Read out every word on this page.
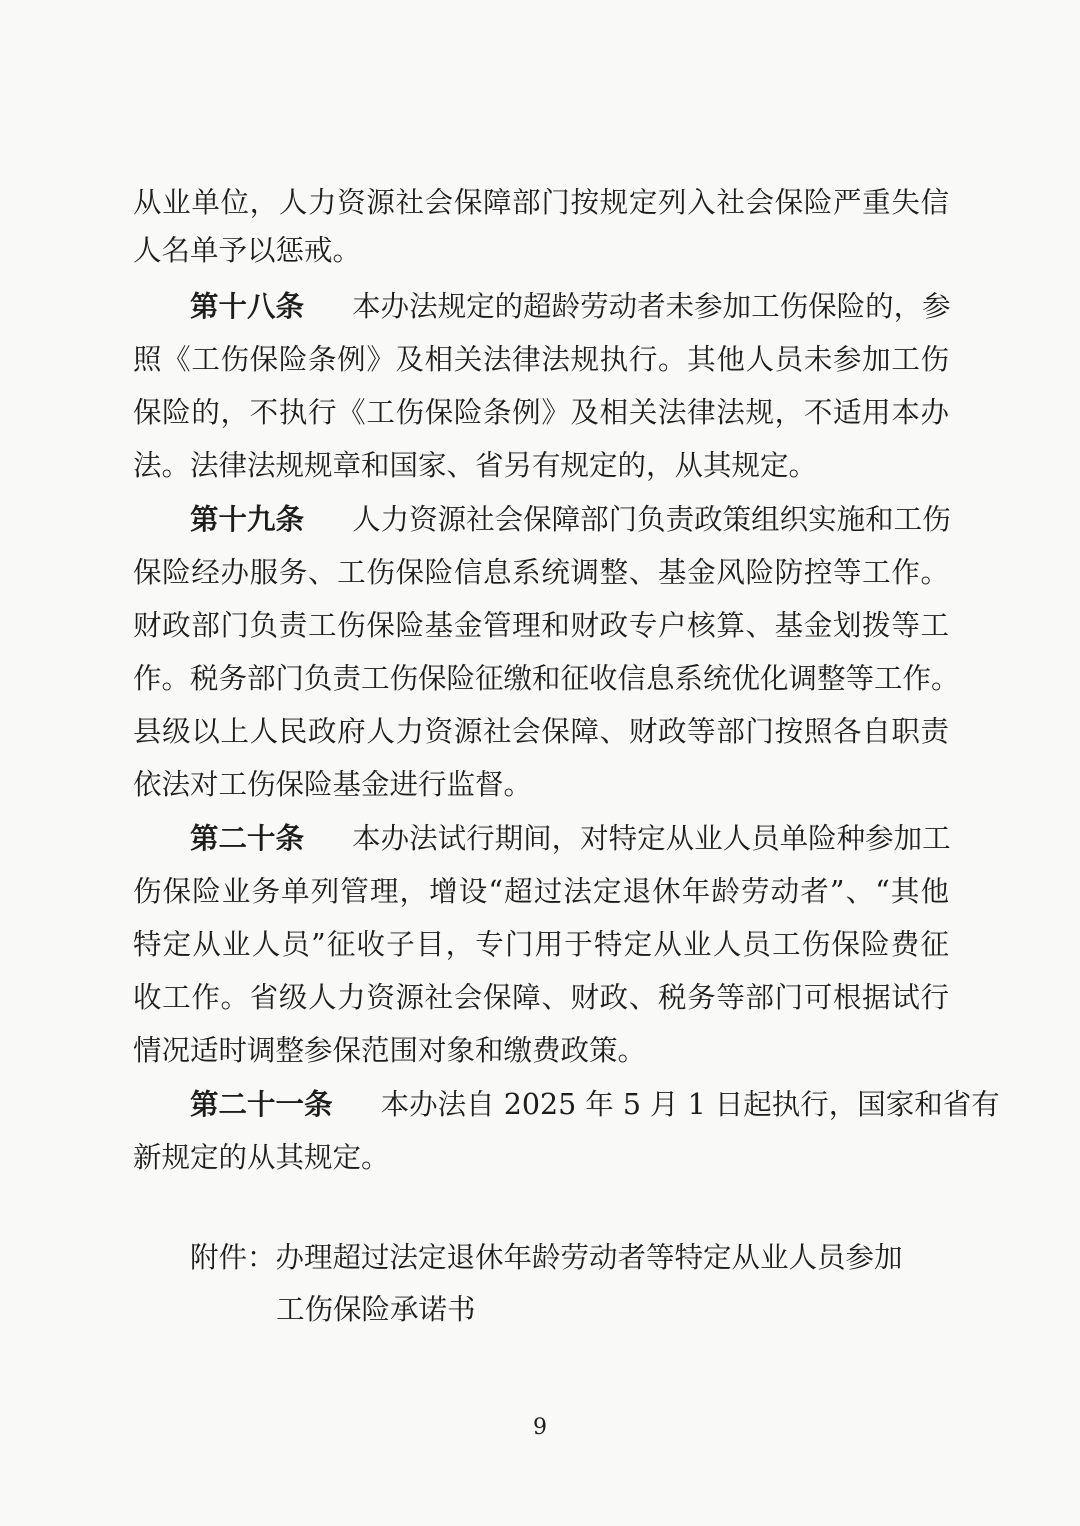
从业单位，人力资源社会保障部门按规定列入社会保险严重失信
人名单予以惩戒。
第十八条 本办法规定的超龄劳动者未参加工伤保险的，参
照《工伤保险条例》及相关法律法规执行。其他人员未参加工伤
保险的，不执行《工伤保险条例》及相关法律法规，不适用本办
法。法律法规规章和国家、省另有规定的，从其规定。
第十九条 人力资源社会保障部门负责政策组织实施和工伤
保险经办服务、工伤保险信息系统调整、基金风险防控等工作。
财政部门负责工伤保险基金管理和财政专户核算、基金划拨等工
作。税务部门负责工伤保险征缴和征收信息系统优化调整等工作。
县级以上人民政府人力资源社会保障、财政等部门按照各自职责
依法对工伤保险基金进行监督。
第二十条 本办法试行期间，对特定从业人员单险种参加工
伤保险业务单列管理，增设“超过法定退休年龄劳动者”、“其他
特定从业人员”征收子目，专门用于特定从业人员工伤保险费征
收工作。省级人力资源社会保障、财政、税务等部门可根据试行
情况适时调整参保范围对象和缴费政策。
第二十一条 本办法自 2025 年 5 月 1 日起执行，国家和省有
新规定的从其规定。
附件：办理超过法定退休年龄劳动者等特定从业人员参加
工伤保险承诺书
9
